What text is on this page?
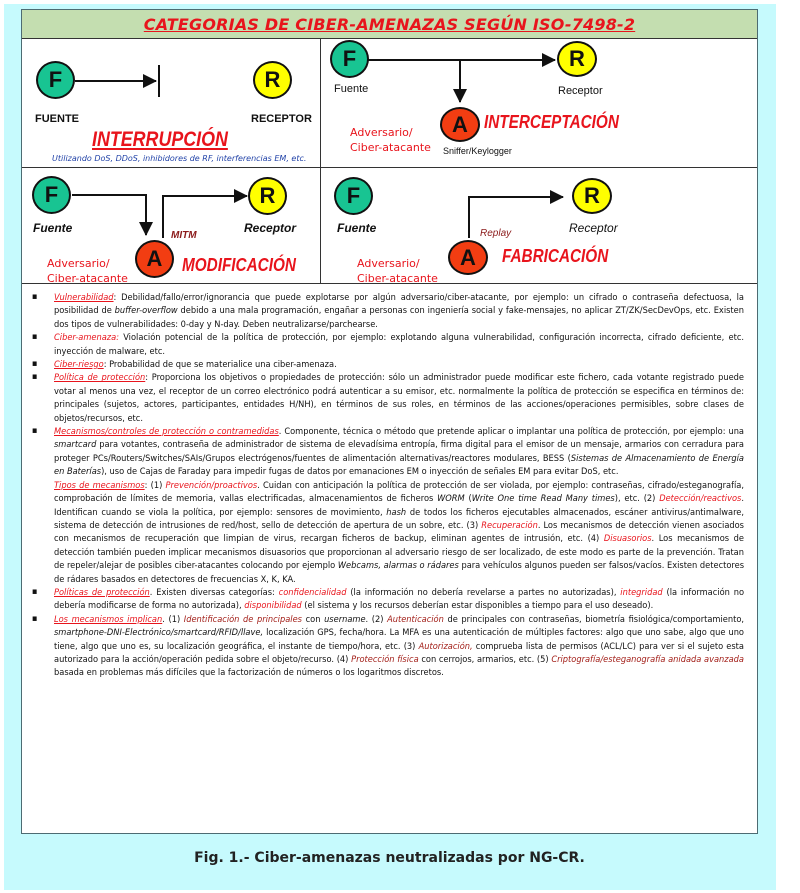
CATEGORIAS DE CIBER-AMENAZAS SEGÚN ISO-7498-2
F	R
FUENTE	RECEPTOR
INTERRUPCIÓN
Utilizando DoS, DDoS, inhibidores de RF, interferencias EM, etc.
F	R
Fuente	Receptor
Adversario/
Ciber-atacante
A INTERCEPTACIÓN
Sniffer/Keylogger
F	R
Fuente	Receptor
MITM
Adversario/
Ciber-atacante
A MODIFICACIÓN
F	R
Fuente	Receptor
Replay
Adversario/
Ciber-atacante
A FABRICACIÓN
▪ Vulnerabilidad: Debilidad/fallo/error/ignorancia que puede explotarse por algún adversario/ciber-atacante, por ejemplo: un cifrado o contraseña defectuosa, la posibilidad de buffer-overflow debido a una mala programación, engañar a personas con ingeniería social y fake-mensajes, no aplicar ZT/ZK/SecDevOps, etc. Existen dos tipos de vulnerabilidades: 0-day y N-day. Deben neutralizarse/parchearse.
▪ Ciber-amenaza: Violación potencial de la política de protección, por ejemplo: explotando alguna vulnerabilidad, configuración incorrecta, cifrado deficiente, etc. inyección de malware, etc.
▪ Ciber-riesgo: Probabilidad de que se materialice una ciber-amenaza.
▪ Política de protección: Proporciona los objetivos o propiedades de protección: sólo un administrador puede modificar este fichero, cada votante registrado puede votar al menos una vez, el receptor de un correo electrónico podrá autenticar a su emisor, etc. normalmente la política de protección se especifica en términos de: principales (sujetos, actores, participantes, entidades H/NH), en términos de sus roles, en términos de las acciones/operaciones permisibles, sobre clases de objetos/recursos, etc.
▪ Mecanismos/controles de protección o contramedidas. Componente, técnica o método que pretende aplicar o implantar una política de protección, por ejemplo: una smartcard para votantes, contraseña de administrador de sistema de elevadísima entropía, firma digital para el emisor de un mensaje, armarios con cerradura para proteger PCs/Routers/Switches/SAIs/Grupos electrógenos/fuentes de alimentación alternativas/reactores modulares, BESS (Sistemas de Almacenamiento de Energía en Baterías), uso de Cajas de Faraday para impedir fugas de datos por emanaciones EM o inyección de señales EM para evitar DoS, etc.

Tipos de mecanismos: (1) Prevención/proactivos. Cuidan con anticipación la política de protección de ser violada, por ejemplo: contraseñas, cifrado/esteganografía, comprobación de límites de memoria, vallas electrificadas, almacenamientos de ficheros WORM (Write One time Read Many times), etc. (2) Detección/reactivos. Identifican cuando se viola la política, por ejemplo: sensores de movimiento, hash de todos los ficheros ejecutables almacenados, escáner antivirus/antimalware, sistema de detección de intrusiones de red/host, sello de detección de apertura de un sobre, etc. (3) Recuperación. Los mecanismos de detección vienen asociados con mecanismos de recuperación que limpian de virus, recargan ficheros de backup, eliminan agentes de intrusión, etc. (4) Disuasorios. Los mecanismos de detección también pueden implicar mecanismos disuasorios que proporcionan al adversario riesgo de ser localizado, de este modo es parte de la prevención. Tratan de repeler/alejar de posibles ciber-atacantes colocando por ejemplo Webcams, alarmas o rádares para vehículos algunos pueden ser falsos/vacíos. Existen detectores de rádares basados en detectores de frecuencias X, K, KA.

▪ Políticas de protección. Existen diversas categorías: confidencialidad (la información no debería revelarse a partes no autorizadas), integridad (la información no debería modificarse de forma no autorizada), disponibilidad (el sistema y los recursos deberían estar disponibles a tiempo para el uso deseado).
▪ Los mecanismos implican. (1) Identificación de principales con username. (2) Autenticación de principales con contraseñas, biometría fisiológica/comportamiento, smartphone-DNI-Electrónico/smartcard/RFID/llave, localización GPS, fecha/hora. La MFA es una autenticación de múltiples factores: algo que uno sabe, algo que uno tiene, algo que uno es, su localización geográfica, el instante de tiempo/hora, etc. (3) Autorización, comprueba lista de permisos (ACL/LC) para ver si el sujeto esta autorizado para la acción/operación pedida sobre el objeto/recurso. (4) Protección física con cerrojos, armarios, etc. (5) Criptografía/esteganografía anidada avanzada basada en problemas más difíciles que la factorización de números o los logaritmos discretos.
Fig. 1.- Ciber-amenazas neutralizadas por NG-CR.
